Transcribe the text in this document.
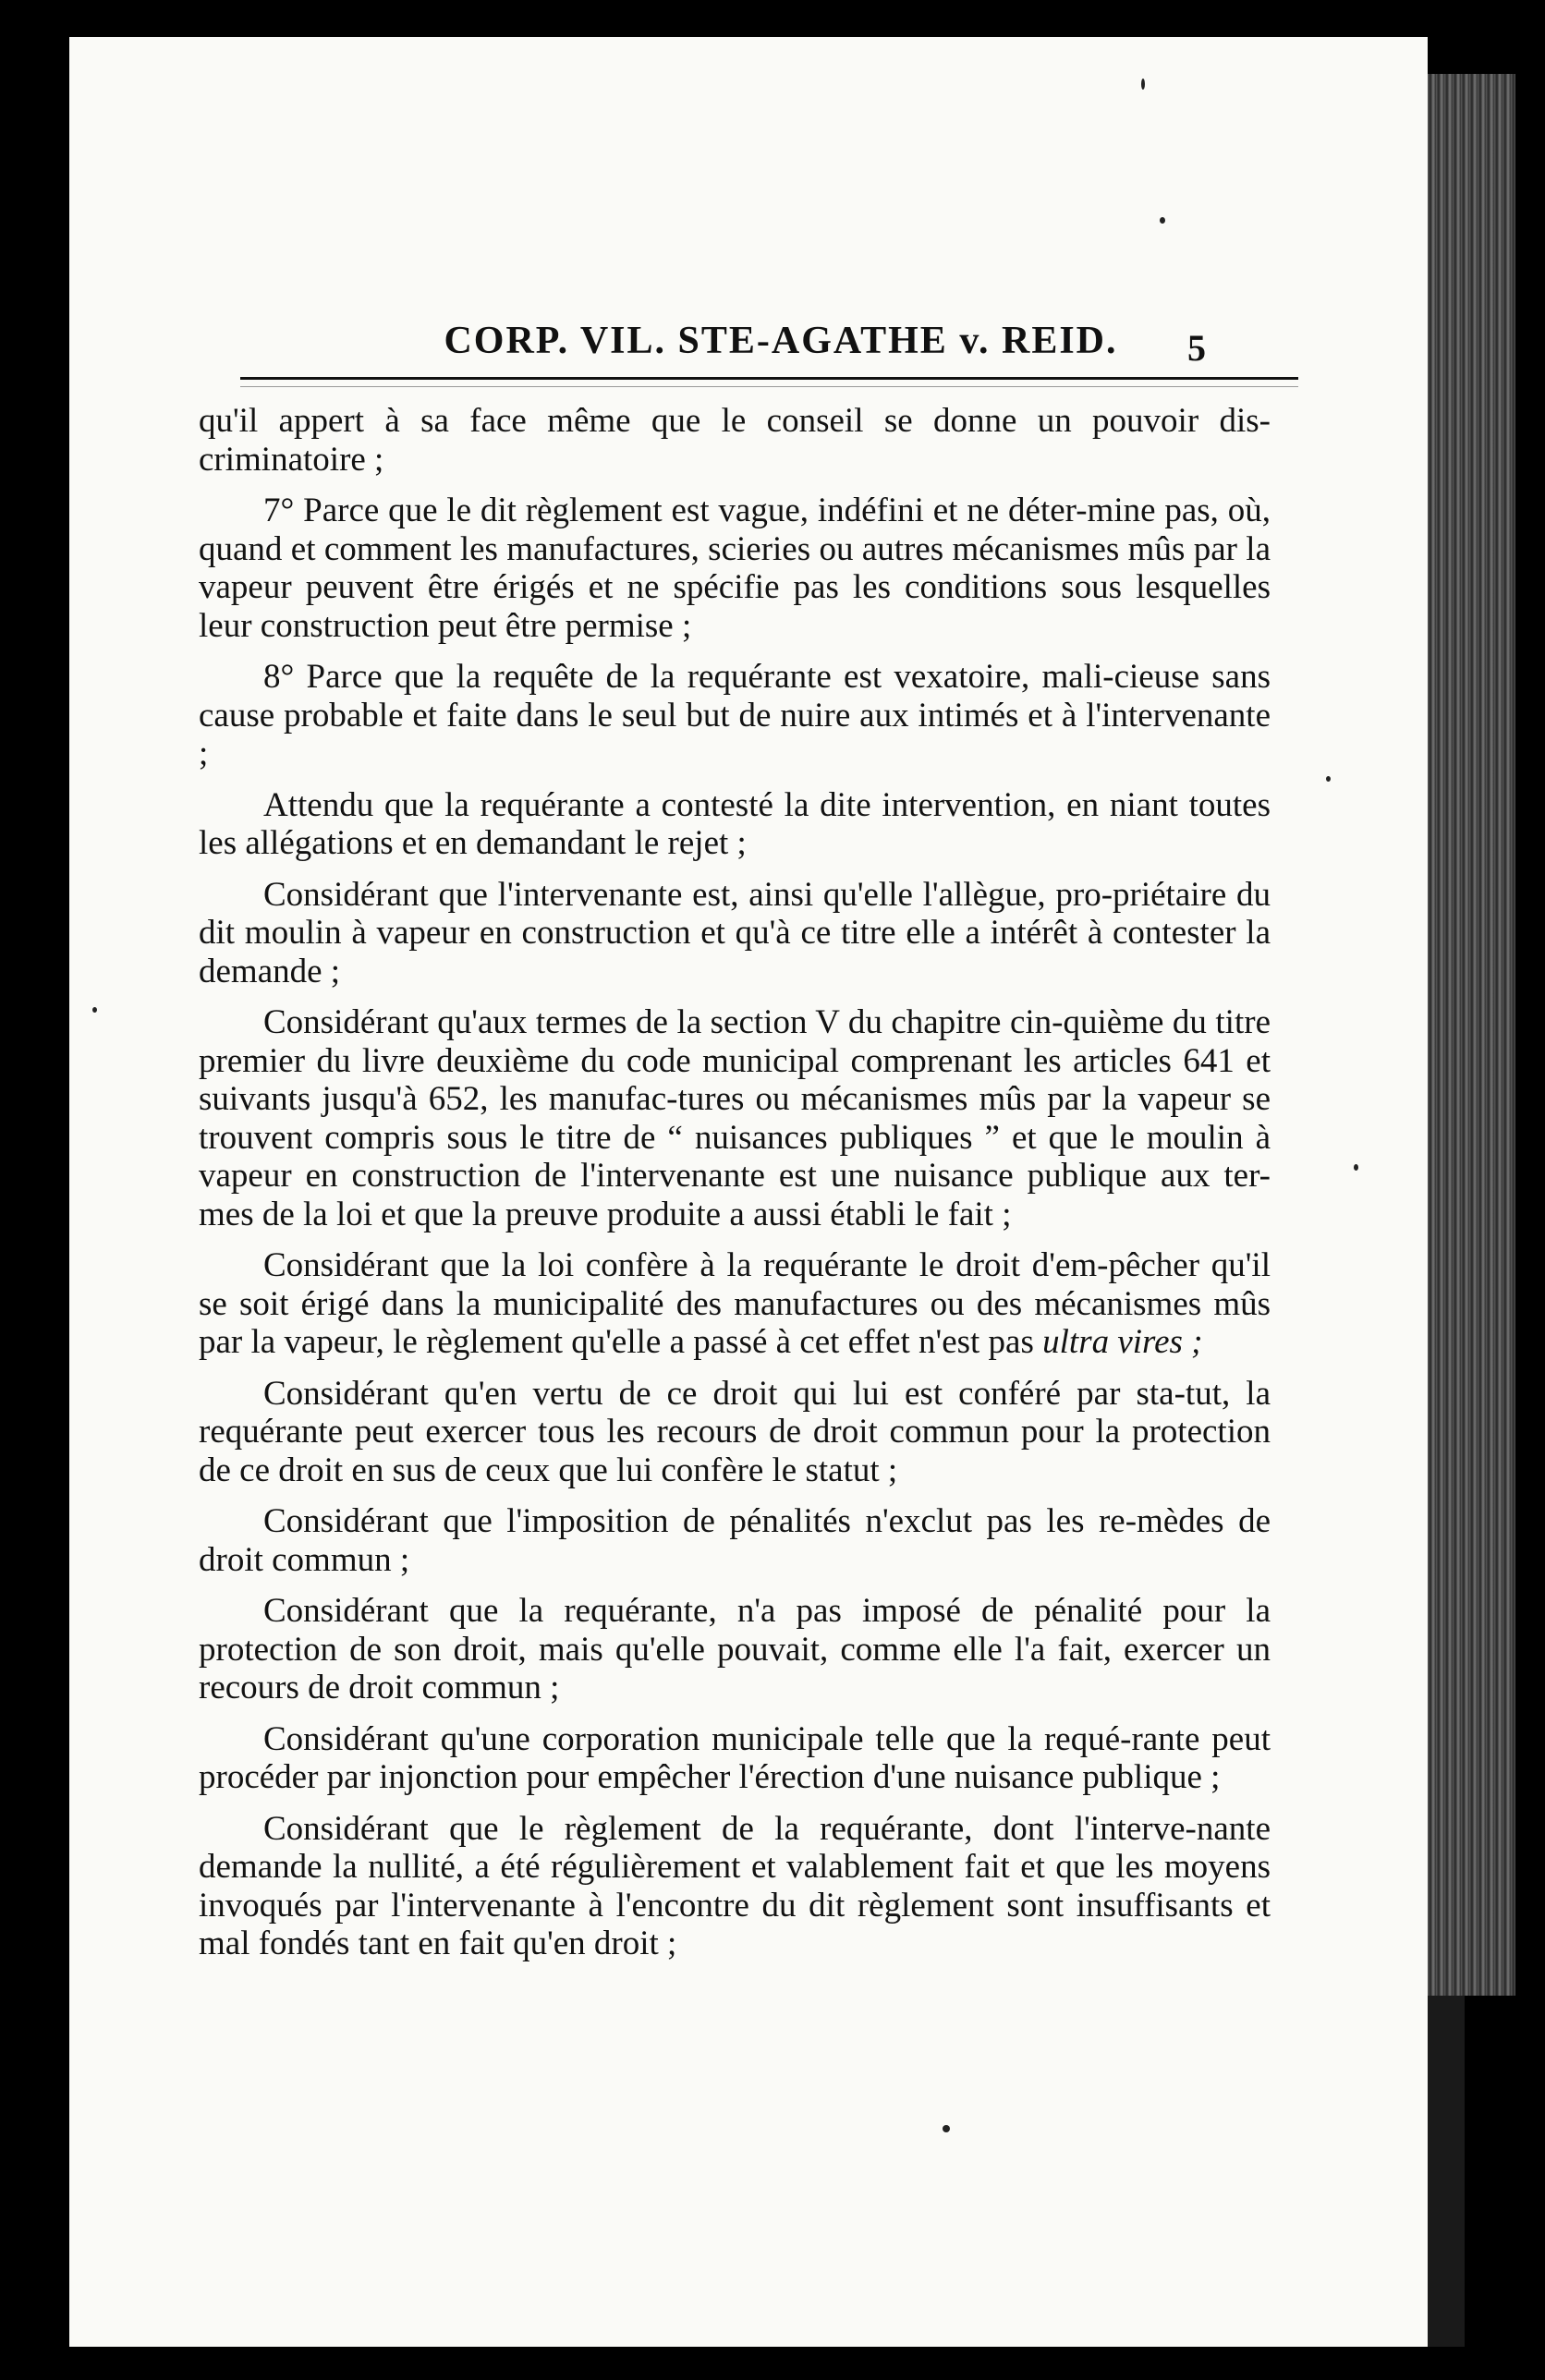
CORP. VIL. STE-AGATHE v. REID.	5

qu'il appert à sa face même que le conseil se donne un pouvoir dis-criminatoire ;

7° Parce que le dit règlement est vague, indéfini et ne déter-mine pas, où, quand et comment les manufactures, scieries ou autres mécanismes mûs par la vapeur peuvent être érigés et ne spécifie pas les conditions sous lesquelles leur construction peut être permise ;

8° Parce que la requête de la requérante est vexatoire, mali-cieuse sans cause probable et faite dans le seul but de nuire aux intimés et à l'intervenante ;

Attendu que la requérante a contesté la dite intervention, en niant toutes les allégations et en demandant le rejet ;

Considérant que l'intervenante est, ainsi qu'elle l'allègue, pro-priétaire du dit moulin à vapeur en construction et qu'à ce titre elle a intérêt à contester la demande ;

Considérant qu'aux termes de la section V du chapitre cin-quième du titre premier du livre deuxième du code municipal comprenant les articles 641 et suivants jusqu'à 652, les manufac-tures ou mécanismes mûs par la vapeur se trouvent compris sous le titre de “ nuisances publiques ” et que le moulin à vapeur en construction de l'intervenante est une nuisance publique aux ter-mes de la loi et que la preuve produite a aussi établi le fait ;

Considérant que la loi confère à la requérante le droit d'em-pêcher qu'il se soit érigé dans la municipalité des manufactures ou des mécanismes mûs par la vapeur, le règlement qu'elle a passé à cet effet n'est pas ultra vires ;

Considérant qu'en vertu de ce droit qui lui est conféré par sta-tut, la requérante peut exercer tous les recours de droit commun pour la protection de ce droit en sus de ceux que lui confère le statut ;

Considérant que l'imposition de pénalités n'exclut pas les re-mèdes de droit commun ;

Considérant que la requérante, n'a pas imposé de pénalité pour la protection de son droit, mais qu'elle pouvait, comme elle l'a fait, exercer un recours de droit commun ;

Considérant qu'une corporation municipale telle que la requé-rante peut procéder par injonction pour empêcher l'érection d'une nuisance publique ;

Considérant que le règlement de la requérante, dont l'interve-nante demande la nullité, a été régulièrement et valablement fait et que les moyens invoqués par l'intervenante à l'encontre du dit règlement sont insuffisants et mal fondés tant en fait qu'en droit ;
